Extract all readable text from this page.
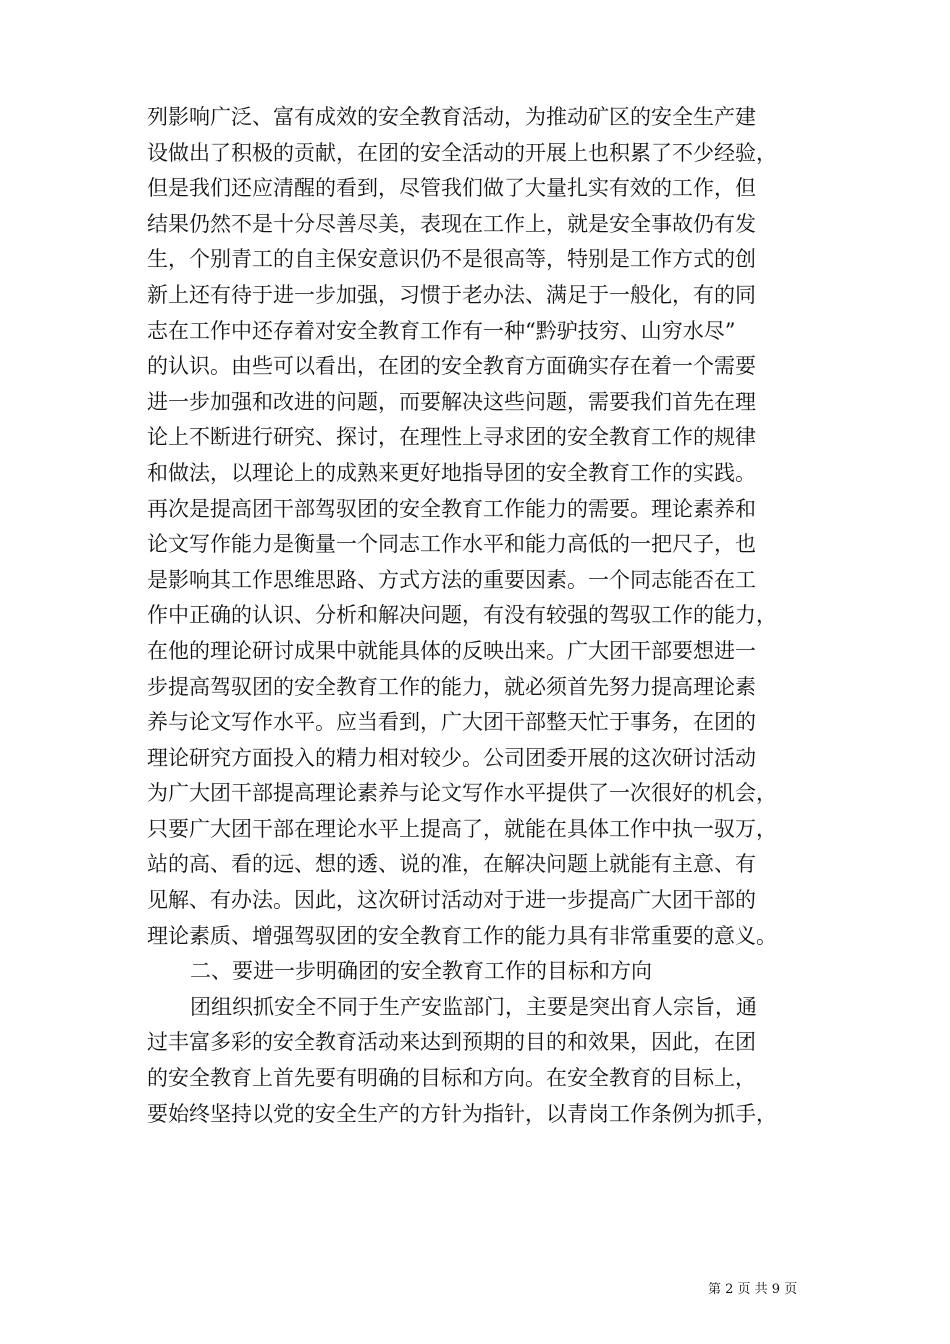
列影响广泛、富有成效的安全教育活动，为推动矿区的安全生产建
设做出了积极的贡献，在团的安全活动的开展上也积累了不少经验，
但是我们还应清醒的看到，尽管我们做了大量扎实有效的工作，但
结果仍然不是十分尽善尽美，表现在工作上，就是安全事故仍有发
生，个别青工的自主保安意识仍不是很高等，特别是工作方式的创
新上还有待于进一步加强，习惯于老办法、满足于一般化，有的同
志在工作中还存着对安全教育工作有一种“黔驴技穷、山穷水尽”
的认识。由些可以看出，在团的安全教育方面确实存在着一个需要
进一步加强和改进的问题，而要解决这些问题，需要我们首先在理
论上不断进行研究、探讨，在理性上寻求团的安全教育工作的规律
和做法，以理论上的成熟来更好地指导团的安全教育工作的实践。
再次是提高团干部驾驭团的安全教育工作能力的需要。理论素养和
论文写作能力是衡量一个同志工作水平和能力高低的一把尺子，也
是影响其工作思维思路、方式方法的重要因素。一个同志能否在工
作中正确的认识、分析和解决问题，有没有较强的驾驭工作的能力，
在他的理论研讨成果中就能具体的反映出来。广大团干部要想进一
步提高驾驭团的安全教育工作的能力，就必须首先努力提高理论素
养与论文写作水平。应当看到，广大团干部整天忙于事务，在团的
理论研究方面投入的精力相对较少。公司团委开展的这次研讨活动
为广大团干部提高理论素养与论文写作水平提供了一次很好的机会，
只要广大团干部在理论水平上提高了，就能在具体工作中执一驭万，
站的高、看的远、想的透、说的准，在解决问题上就能有主意、有
见解、有办法。因此，这次研讨活动对于进一步提高广大团干部的
理论素质、增强驾驭团的安全教育工作的能力具有非常重要的意义。
二、要进一步明确团的安全教育工作的目标和方向
团组织抓安全不同于生产安监部门，主要是突出育人宗旨，通
过丰富多彩的安全教育活动来达到预期的目的和效果，因此，在团
的安全教育上首先要有明确的目标和方向。在安全教育的目标上，
要始终坚持以党的安全生产的方针为指针，以青岗工作条例为抓手，
第 2 页 共 9 页
